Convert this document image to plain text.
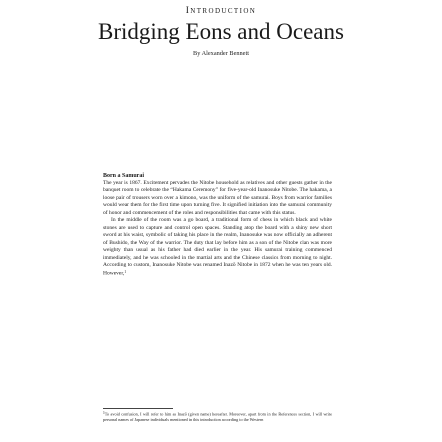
Introduction
Bridging Eons and Oceans
By Alexander Bennett
Born a Samurai

The year is 1867. Excitement pervades the Nitobe household as relatives and other guests gather in the banquet room to celebrate the “Hakama Ceremony” for five-year-old Inanosuke Nitobe. The hakama, a loose pair of trousers worn over a kimono, was the uniform of the samurai. Boys from warrior families would wear them for the first time upon turning five. It signified initiation into the samurai community of honor and commencement of the roles and responsibilities that came with this status.

In the middle of the room was a go board, a traditional form of chess in which black and white stones are used to capture and control open spaces. Standing atop the board with a shiny new short sword at his waist, symbolic of taking his place in the realm, Inanosuke was now officially an adherent of Bushido, the Way of the warrior. The duty that lay before him as a son of the Nitobe clan was more weighty than usual as his father had died earlier in the year. His samurai training commenced immediately, and he was schooled in the martial arts and the Chinese classics from morning to night. According to custom, Inanosuke Nitobe was renamed Inazō Nitobe in 1872 when he was ten years old. However,$^1$

$^1$To avoid confusion, I will refer to him as Inazō (given name) hereafter. Moreover, apart from in the References section, I will write personal names of Japanese individuals mentioned in this introduction according to the Western
